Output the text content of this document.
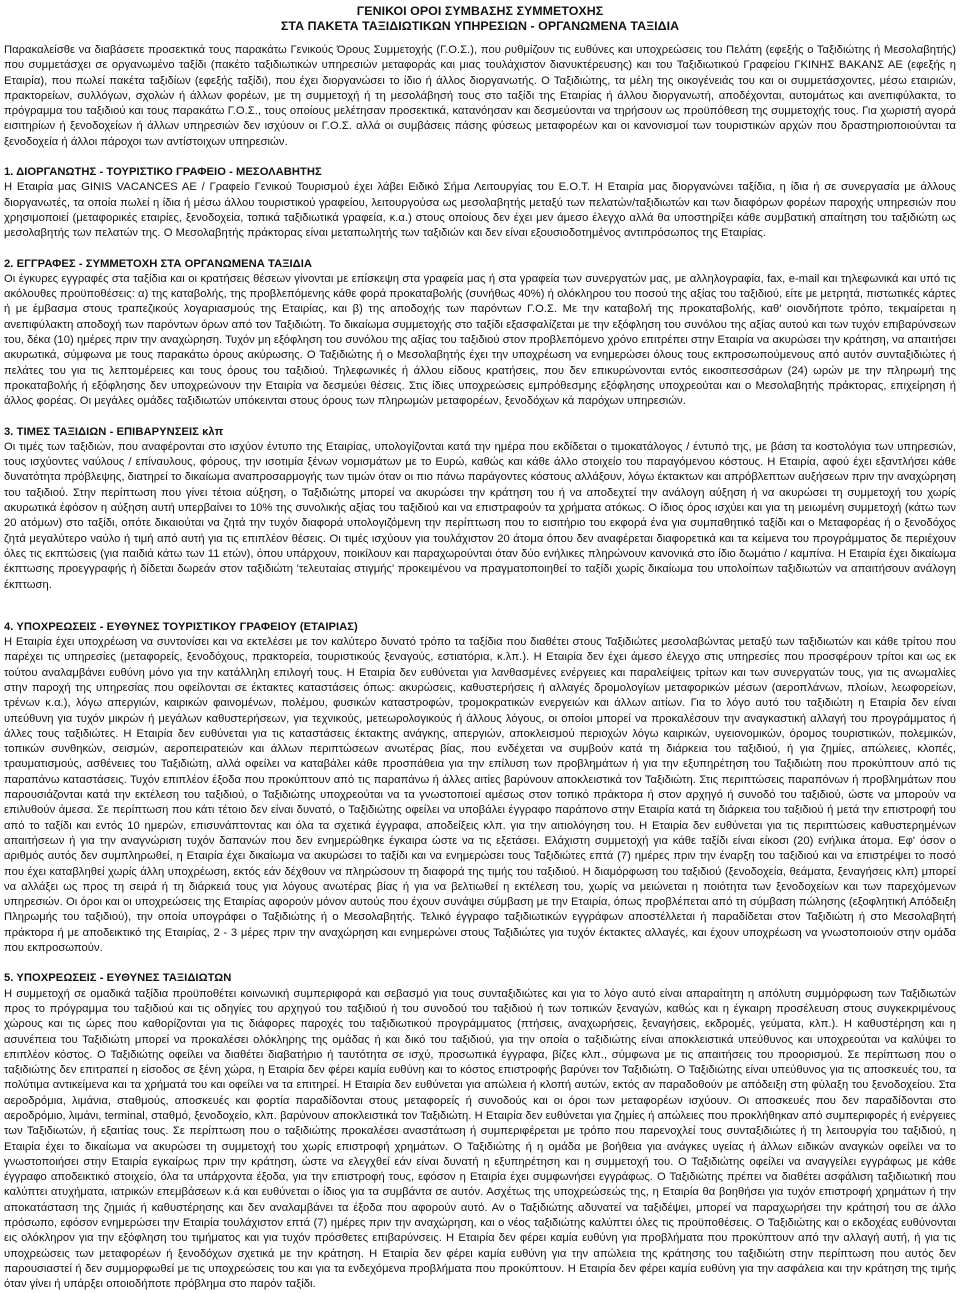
ΓΕΝΙΚΟΙ ΟΡΟΙ ΣΥΜΒΑΣΗΣ ΣΥΜΜΕΤΟΧΗΣ
ΣΤΑ ΠΑΚΕΤΑ ΤΑΞΙΔΙΩΤΙΚΩΝ ΥΠΗΡΕΣΙΩΝ - ΟΡΓΑΝΩΜΕΝΑ ΤΑΞΙΔΙΑ

Παρακαλείσθε να διαβάσετε προσεκτικά τους παρακάτω Γενικούς Όρους Συμμετοχής (Γ.Ο.Σ.), που ρυθμίζουν τις ευθύνες και υποχρεώσεις του Πελάτη (εφεξής ο Ταξιδιώτης ή Μεσολαβητής) που συμμετάσχει σε οργανωμένο ταξίδι (πακέτο ταξιδιωτικών υπηρεσιών μεταφοράς και μιας τουλάχιστον διανυκτέρευσης) και του Ταξιδιωτικού Γραφείου ΓΚΙΝΗΣ ΒΑΚΑΝΣ ΑΕ (εφεξής η Εταιρία), που πωλεί πακέτα ταξιδίων (εφεξής ταξίδι), που έχει διοργανώσει το ίδιο ή άλλος διοργανωτής. Ο Ταξιδιώτης, τα μέλη της οικογένειάς του και οι συμμετάσχοντες, μέσω εταιριών, πρακτορείων, συλλόγων, σχολών ή άλλων φορέων, με τη συμμετοχή ή τη μεσολάβησή τους στο ταξίδι της Εταιρίας ή άλλου διοργανωτή, αποδέχονται, αυτομάτως και ανεπιφύλακτα, το πρόγραμμα του ταξιδιού και τους παρακάτω Γ.Ο.Σ., τους οποίους μελέτησαν προσεκτικά, κατανόησαν και δεσμεύονται να τηρήσουν ως προϋπόθεση της συμμετοχής τους. Για χωριστή αγορά εισιτηρίων ή ξενοδοχείων ή άλλων υπηρεσιών δεν ισχύουν οι Γ.Ο.Σ. αλλά οι συμβάσεις πάσης φύσεως μεταφορέων και οι κανονισμοί των τουριστικών αρχών που δραστηριοποιούνται τα ξενοδοχεία ή άλλοι πάροχοι των αντίστοιχων υπηρεσιών.

1. ΔΙΟΡΓΑΝΩΤΗΣ - ΤΟΥΡΙΣΤΙΚΟ ΓΡΑΦΕΙΟ - ΜΕΣΟΛΑΒΗΤΗΣ

Η Εταιρία μας GINIS VACANCES AE / Γραφείο Γενικού Τουρισμού έχει λάβει Ειδικό Σήμα Λειτουργίας του Ε.Ο.Τ. Η Εταιρία μας διοργανώνει ταξίδια, η ίδια ή σε συνεργασία με άλλους διοργανωτές, τα οποία πωλεί η ίδια ή μέσω άλλου τουριστικού γραφείου, λειτουργούσα ως μεσολαβητής μεταξύ των πελατών/ταξιδιωτών και των διαφόρων φορέων παροχής υπηρεσιών που χρησιμοποιεί (μεταφορικές εταιρίες, ξενοδοχεία, τοπικά ταξιδιωτικά γραφεία, κ.α.) στους οποίους δεν έχει μεν άμεσο έλεγχο αλλά θα υποστηρίξει κάθε συμβατική απαίτηση του ταξιδιώτη ως μεσολαβητής των πελατών της. Ο Μεσολαβητής πράκτορας είναι μεταπωλητής των ταξιδιών και δεν είναι εξουσιοδοτημένος αντιπρόσωπος της Εταιρίας.

2. ΕΓΓΡΑΦΕΣ - ΣΥΜΜΕΤΟΧΗ ΣΤΑ ΟΡΓΑΝΩΜΕΝΑ ΤΑΞΙΔΙΑ

Οι έγκυρες εγγραφές στα ταξίδια και οι κρατήσεις θέσεων γίνονται με επίσκεψη στα γραφεία μας ή στα γραφεία των συνεργατών μας, με αλληλογραφία, fax, e-mail και τηλεφωνικά και υπό τις ακόλουθες προϋποθέσεις: α) της καταβολής, της προβλεπόμενης κάθε φορά προκαταβολής (συνήθως 40%) ή ολόκληρου του ποσού της αξίας του ταξιδιού, είτε με μετρητά, πιστωτικές κάρτες ή με έμβασμα στους τραπεζικούς λογαριασμούς της Εταιρίας, και β) της αποδοχής των παρόντων Γ.Ο.Σ. Με την καταβολή της προκαταβολής, καθ' οιονδήποτε τρόπο, τεκμαίρεται η ανεπιφύλακτη αποδοχή των παρόντων όρων από τον Ταξιδιώτη. Το δικαίωμα συμμετοχής στο ταξίδι εξασφαλίζεται με την εξόφληση του συνόλου της αξίας αυτού και των τυχόν επιβαρύνσεων του, δέκα (10) ημέρες πριν την αναχώρηση. Τυχόν μη εξόφληση του συνόλου της αξίας του ταξιδιού στον προβλεπόμενο χρόνο επιτρέπει στην Εταιρία να ακυρώσει την κράτηση, να απαιτήσει ακυρωτικά, σύμφωνα με τους παρακάτω όρους ακύρωσης. Ο Ταξιδιώτης ή ο Μεσολαβητής έχει την υποχρέωση να ενημερώσει όλους τους εκπροσωπούμενους από αυτόν συνταξιδιώτες ή πελάτες του για τις λεπτομέρειες και τους όρους του ταξιδιού. Τηλεφωνικές ή άλλου είδους κρατήσεις, που δεν επικυρώνονται εντός εικοσιτεσσάρων (24) ωρών με την πληρωμή της προκαταβολής ή εξόφλησης δεν υποχρεώνουν την Εταιρία να δεσμεύει θέσεις. Στις ίδιες υποχρεώσεις εμπρόθεσμης εξόφλησης υποχρεούται και ο Μεσολαβητής πράκτορας, επιχείρηση ή άλλος φορέας. Οι μεγάλες ομάδες ταξιδιωτών υπόκεινται στους όρους των πληρωμών μεταφορέων, ξενοδόχων κά παρόχων υπηρεσιών.

3. ΤΙΜΕΣ ΤΑΞΙΔΙΩΝ - ΕΠΙΒΑΡΥΝΣΕΙΣ κλπ

Οι τιμές των ταξιδιών, που αναφέρονται στο ισχύον έντυπο της Εταιρίας, υπολογίζονται κατά την ημέρα που εκδίδεται ο τιμοκατάλογος / έντυπό της, με βάση τα κοστολόγια των υπηρεσιών, τους ισχύοντες ναύλους / επίναυλους, φόρους, την ισοτιμία ξένων νομισμάτων με το Ευρώ, καθώς και κάθε άλλο στοιχείο του παραγόμενου κόστους. Η Εταιρία, αφού έχει εξαντλήσει κάθε δυνατότητα πρόβλεψης, διατηρεί το δικαίωμα αναπροσαρμογής των τιμών όταν οι πιο πάνω παράγοντες κόστους αλλάξουν, λόγω έκτακτων και απρόβλεπτων αυξήσεων πριν την αναχώρηση του ταξιδιού. Στην περίπτωση που γίνει τέτοια αύξηση, ο Ταξιδιώτης μπορεί να ακυρώσει την κράτηση του ή να αποδεχτεί την ανάλογη αύξηση ή να ακυρώσει τη συμμετοχή του χωρίς ακυρωτικά έφόσον η αύξηση αυτή υπερβαίνει το 10% της συνολικής αξίας του ταξιδιού και να επιστραφούν τα χρήματα ατόκως. Ο ίδιος όρος ισχύει και για τη μειωμένη συμμετοχή (κάτω των 20 ατόμων) στο ταξίδι, οπότε δικαιούται να ζητά την τυχόν διαφορά υπολογιζόμενη την περίπτωση που το εισιτήριο του εκφορά ένα για συμπαθητικό ταξίδι και ο Μεταφορέας ή ο ξενοδόχος ζητά μεγαλύτερο ναύλο ή τιμή από αυτή για τις επιπλέον θέσεις. Οι τιμές ισχύουν για τουλάχιστον 20 άτομα όπου δεν αναφέρεται διαφορετικά και τα κείμενα του προγράμματος δε περιέχουν όλες τις εκπτώσεις (για παιδιά κάτω των 11 ετών), όπου υπάρχουν, ποικίλουν και παραχωρούνται όταν δύο ενήλικες πληρώνουν κανονικά στο ίδιο δωμάτιο / καμπίνα. Η Εταιρία έχει δικαίωμα έκπτωσης προεγγραφής ή δίδεται δωρεάν στον ταξιδιώτη 'τελευταίας στιγμής' προκειμένου να πραγματοποιηθεί το ταξίδι χωρίς δικαίωμα του υπολοίπων ταξιδιωτών να απαιτήσουν ανάλογη έκπτωση.

4. ΥΠΟΧΡΕΩΣΕΙΣ - ΕΥΘΥΝΕΣ ΤΟΥΡΙΣΤΙΚΟΥ ΓΡΑΦΕΙΟΥ (ΕΤΑΙΡΙΑΣ)

Η Εταιρία έχει υποχρέωση να συντονίσει και να εκτελέσει με τον καλύτερο δυνατό τρόπο τα ταξίδια που διαθέτει στους Ταξιδιώτες μεσολαβώντας μεταξύ των ταξιδιωτών και κάθε τρίτου που παρέχει τις υπηρεσίες (μεταφορείς, ξενοδόχους, πρακτορεία, τουριστικούς ξεναγούς, εστιατόρια, κ.λπ.). Η Εταιρία δεν έχει άμεσο έλεγχο στις υπηρεσίες που προσφέρουν τρίτοι και ως εκ τούτου αναλαμβάνει ευθύνη μόνο για την κατάλληλη επιλογή τους. Η Εταιρία δεν ευθύνεται για λανθασμένες ενέργειες και παραλείψεις τρίτων και των συνεργατών τους, για τις ανωμαλίες στην παροχή της υπηρεσίας που οφείλονται σε έκτακτες καταστάσεις όπως: ακυρώσεις, καθυστερήσεις ή αλλαγές δρομολογίων μεταφορικών μέσων (αεροπλάνων, πλοίων, λεωφορείων, τρένων κ.α.), λόγω απεργιών, καιρικών φαινομένων, πολέμου, φυσικών καταστροφών, τρομοκρατικών ενεργειών και άλλων αιτίων. Για το λόγο αυτό του ταξιδιώτη η Εταιρία δεν είναι υπεύθυνη για τυχόν μικρών ή μεγάλων καθυστερήσεων, για τεχνικούς, μετεωρολογικούς ή άλλους λόγους, οι οποίοι μπορεί να προκαλέσουν την αναγκαστική αλλαγή του προγράμματος ή άλλες τους ταξιδιώτες. Η Εταιρία δεν ευθύνεται για τις καταστάσεις έκτακτης ανάγκης, απεργιών, αποκλεισμού περιοχών λόγω καιρικών, υγειονομικών, όρομος τουριστικών, πολεμικών, τοπικών συνθηκών, σεισμών, αεροπειρατειών και άλλων περιπτώσεων ανωτέρας βίας, που ενδέχεται να συμβούν κατά τη διάρκεια του ταξιδιού, ή για ζημίες, απώλειες, κλοπές, τραυματισμούς, ασθένειες του Ταξιδιώτη, αλλά οφείλει να καταβάλει κάθε προσπάθεια για την επίλυση των προβλημάτων ή για την εξυπηρέτηση του Ταξιδιώτη που προκύπτουν από τις παραπάνω καταστάσεις. Τυχόν επιπλέον έξοδα που προκύπτουν από τις παραπάνω ή άλλες αιτίες βαρύνουν αποκλειστικά τον Ταξιδιώτη. Στις περιπτώσεις παραπόνων ή προβλημάτων που παρουσιάζονται κατά την εκτέλεση του ταξιδιού, ο Ταξιδιώτης υποχρεούται να τα γνωστοποιεί αμέσως στον τοπικό πράκτορα ή στον αρχηγό ή συνοδό του ταξιδιού, ώστε να μπορούν να επιλυθούν άμεσα. Σε περίπτωση που κάτι τέτοιο δεν είναι δυνατό, ο Ταξιδιώτης οφείλει να υποβάλει έγγραφο παράπονο στην Εταιρία κατά τη διάρκεια του ταξιδιού ή μετά την επιστροφή του από το ταξίδι και εντός 10 ημερών, επισυνάπτοντας και όλα τα σχετικά έγγραφα, αποδείξεις κλπ. για την αιτιολόγηση του. Η Εταιρία δεν ευθύνεται για τις περιπτώσεις καθυστερημένων απαιτήσεων ή για την αναγνώριση τυχόν δαπανών που δεν ενημερώθηκε έγκαιρα ώστε να τις εξετάσει. Ελάχιστη συμμετοχή για κάθε ταξίδι είναι είκοσι (20) ενήλικα άτομα. Εφ' όσον ο αριθμός αυτός δεν συμπληρωθεί, η Εταιρία έχει δικαίωμα να ακυρώσει το ταξίδι και να ενημερώσει τους Ταξιδιώτες επτά (7) ημέρες πριν την έναρξη του ταξιδιού και να επιστρέψει το ποσό που έχει καταβληθεί χωρίς άλλη υποχρέωση, εκτός εάν δέχθουν να πληρώσουν τη διαφορά της τιμής του ταξιδιού. Η διαμόρφωση του ταξιδιού (ξενοδοχεία, θεάματα, ξεναγήσεις κλπ) μπορεί να αλλάξει ως προς τη σειρά ή τη διάρκειά τους για λόγους ανωτέρας βίας ή για να βελτιωθεί η εκτέλεση του, χωρίς να μειώνεται η ποιότητα των ξενοδοχείων και των παρεχόμενων υπηρεσιών. Οι όροι και οι υποχρεώσεις της Εταιρίας αφορούν μόνον αυτούς που έχουν συνάψει σύμβαση με την Εταιρία, όπως προβλέπεται από τη σύμβαση πώλησης (εξοφλητική Απόδειξη Πληρωμής του ταξιδιού), την οποία υπογράφει ο Ταξιδιώτης ή ο Μεσολαβητής. Τελικό έγγραφο ταξιδιωτικών εγγράφων αποστέλλεται ή παραδίδεται στον Ταξιδιώτη ή στο Μεσολαβητή πράκτορα ή με αποδεικτικό της Εταιρίας, 2 - 3 μέρες πριν την αναχώρηση και ενημερώνει στους Ταξιδιώτες για τυχόν έκτακτες αλλαγές, και έχουν υποχρέωση να γνωστοποιούν στην ομάδα που εκπροσωπούν.

5. ΥΠΟΧΡΕΩΣΕΙΣ - ΕΥΘΥΝΕΣ ΤΑΞΙΔΙΩΤΩΝ

Η συμμετοχή σε ομαδικά ταξίδια προϋποθέτει κοινωνική συμπεριφορά και σεβασμό για τους συνταξιδιώτες και για το λόγο αυτό είναι απαραίτητη η απόλυτη συμμόρφωση των Ταξιδιωτών προς το πρόγραμμα του ταξιδιού και τις οδηγίες του αρχηγού του ταξιδιού ή του συνοδού του ταξιδιού ή των τοπικών ξεναγών, καθώς και η έγκαιρη προσέλευση στους συγκεκριμένους χώρους και τις ώρες που καθορίζονται για τις διάφορες παροχές του ταξιδιωτικού προγράμματος (πτήσεις, αναχωρήσεις, ξεναγήσεις, εκδρομές, γεύματα, κλπ.). Η καθυστέρηση και η ασυνέπεια του Ταξιδιώτη μπορεί να προκαλέσει ολόκληρης της ομάδας ή και δικό του ταξιδιού, για την οποία ο ταξιδιώτης είναι αποκλειστικά υπεύθυνος και υποχρεούται να καλύψει το επιπλέον κόστος. Ο Ταξιδιώτης οφείλει να διαθέτει διαβατήριο ή ταυτότητα σε ισχύ, προσωπικά έγγραφα, βίζες κλπ., σύμφωνα με τις απαιτήσεις του προορισμού. Σε περίπτωση που ο ταξιδιώτης δεν επιτραπεί η είσοδος σε ξένη χώρα, η Εταιρία δεν φέρει καμία ευθύνη και το κόστος επιστροφής βαρύνει τον Ταξιδιώτη. Ο Ταξιδιώτης είναι υπεύθυνος για τις αποσκευές του, τα πολύτιμα αντικείμενα και τα χρήματά του και οφείλει να τα επιτηρεί. Η Εταιρία δεν ευθύνεται για απώλεια ή κλοπή αυτών, εκτός αν παραδοθούν με απόδειξη στη φύλαξη του ξενοδοχείου. Στα αεροδρόμια, λιμάνια, σταθμούς, αποσκευές και φορτία παραδίδονται στους μεταφορείς ή συνοδούς και οι όροι των μεταφορέων ισχύουν. Οι αποσκευές που δεν παραδίδονται στο αεροδρόμιο, λιμάνι, terminal, σταθμό, ξενοδοχείο, κλπ. βαρύνουν αποκλειστικά τον Ταξιδιώτη. Η Εταιρία δεν ευθύνεται για ζημίες ή απώλειες που προκλήθηκαν από συμπεριφορές ή ενέργειες των Ταξιδιωτών, ή εξαιτίας τους. Σε περίπτωση που ο ταξιδιώτης προκαλέσει αναστάτωση ή συμπεριφέρεται με τρόπο που παρενοχλεί τους συνταξιδιώτες ή τη λειτουργία του ταξιδιού, η Εταιρία έχει το δικαίωμα να ακυρώσει τη συμμετοχή του χωρίς επιστροφή χρημάτων. Ο Ταξιδιώτης ή η ομάδα με βοήθεια για ανάγκες υγείας ή άλλων ειδικών αναγκών οφείλει να το γνωστοποιήσει στην Εταιρία εγκαίρως πριν την κράτηση, ώστε να ελεγχθεί εάν είναι δυνατή η εξυπηρέτηση και η συμμετοχή του. Ο Ταξιδιώτης οφείλει να αναγγείλει εγγράφως με κάθε έγγραφο αποδεικτικό στοιχείο, όλα τα υπάρχοντα έξοδα, για την επιστροφή τους, εφόσον η Εταιρία έχει συμφωνήσει εγγράφως. Ο Ταξιδιώτης πρέπει να διαθέτει ασφάλιση ταξιδιωτική που καλύπτει ατυχήματα, ιατρικών επεμβάσεων κ.ά και ευθύνεται ο ίδιος για τα συμβάντα σε αυτόν. Ασχέτως της υποχρεώσεώς της, η Εταιρία θα βοηθήσει για τυχόν επιστροφή χρημάτων ή την αποκατάσταση της ζημιάς ή καθυστέρησης και δεν αναλαμβάνει τα έξοδα που αφορούν αυτό. Αν ο Ταξιδιώτης αδυνατεί να ταξιδέψει, μπορεί να παραχωρήσει την κράτησή του σε άλλο πρόσωπο, εφόσον ενημερώσει την Εταιρία τουλάχιστον επτά (7) ημέρες πριν την αναχώρηση, και ο νέος ταξιδιώτης καλύπτει όλες τις προϋποθέσεις. Ο Ταξιδιώτης και ο εκδοχέας ευθύνονται εις ολόκληρον για την εξόφληση του τιμήματος και για τυχόν πρόσθετες επιβαρύνσεις. Η Εταιρία δεν φέρει καμία ευθύνη για προβλήματα που προκύπτουν από την αλλαγή αυτή, ή για τις υποχρεώσεις των μεταφορέων ή ξενοδόχων σχετικά με την κράτηση. Η Εταιρία δεν φέρει καμία ευθύνη για την απώλεια της κράτησης του ταξιδιώτη στην περίπτωση που αυτός δεν παρουσιαστεί ή δεν συμμορφωθεί με τις υποχρεώσεις του και για τα ενδεχόμενα προβλήματα που προκύπτουν. Η Εταιρία δεν φέρει καμία ευθύνη για την ασφάλεια και την κράτηση της τιμής όταν γίνει ή υπάρξει οποιοδήποτε πρόβλημα στο παρόν ταξίδι.
